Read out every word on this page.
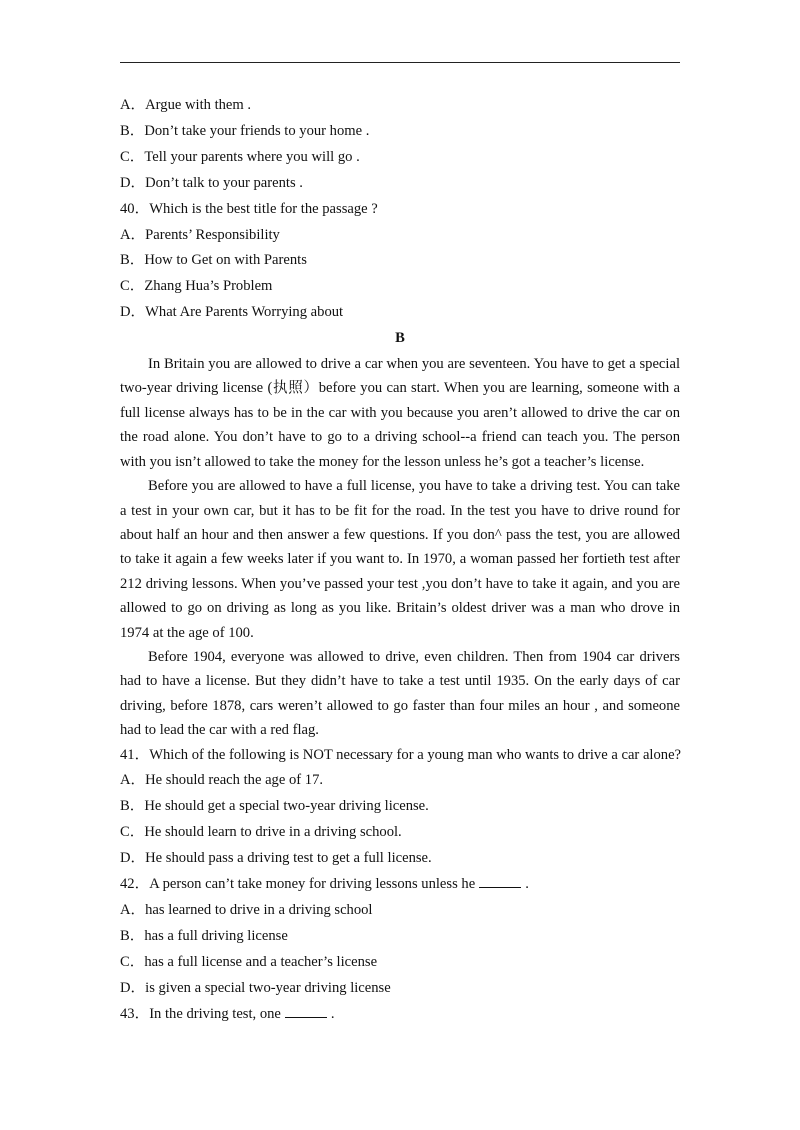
A．Argue with them .
B．Don’t take your friends to your home .
C．Tell your parents where you will go .
D．Don’t talk to your parents .
40．Which is the best title for the passage ?
A．Parents’ Responsibility
B．How to Get on with Parents
C．Zhang Hua’s Problem
D．What Are Parents Worrying about
B
In Britain you are allowed to drive a car when you are seventeen. You have to get a special two-year driving license (执照）before you can start. When you are learning, someone with a full license always has to be in the car with you because you aren’t allowed to drive the car on the road alone. You don’t have to go to a driving school--a friend can teach you. The person with you isn’t allowed to take the money for the lesson unless he’s got a teacher’s license.
Before you are allowed to have a full license, you have to take a driving test. You can take a test in your own car, but it has to be fit for the road. In the test you have to drive round for about half an hour and then answer a few questions. If you don^ pass the test, you are allowed to take it again a few weeks later if you want to. In 1970, a woman passed her fortieth test after 212 driving lessons. When you’ve passed your test ,you don’t have to take it again, and you are allowed to go on driving as long as you like. Britain’s oldest driver was a man who drove in 1974 at the age of 100.
Before 1904, everyone was allowed to drive, even children. Then from 1904 car drivers had to have a license. But they didn’t have to take a test until 1935. On the early days of car driving, before 1878, cars weren’t allowed to go faster than four miles an hour , and someone had to lead the car with a red flag.
41．Which of the following is NOT necessary for a young man who wants to drive a car alone?
A．He should reach the age of 17.
B．He should get a special two-year driving license.
C．He should learn to drive in a driving school.
D．He should pass a driving test to get a full license.
42．A person can’t take money for driving lessons unless he	.
A．has learned to drive in a driving school
B．has a full driving license
C．has a full license and a teacher’s license
D．is given a special two-year driving license
43．In the driving test, one	.
